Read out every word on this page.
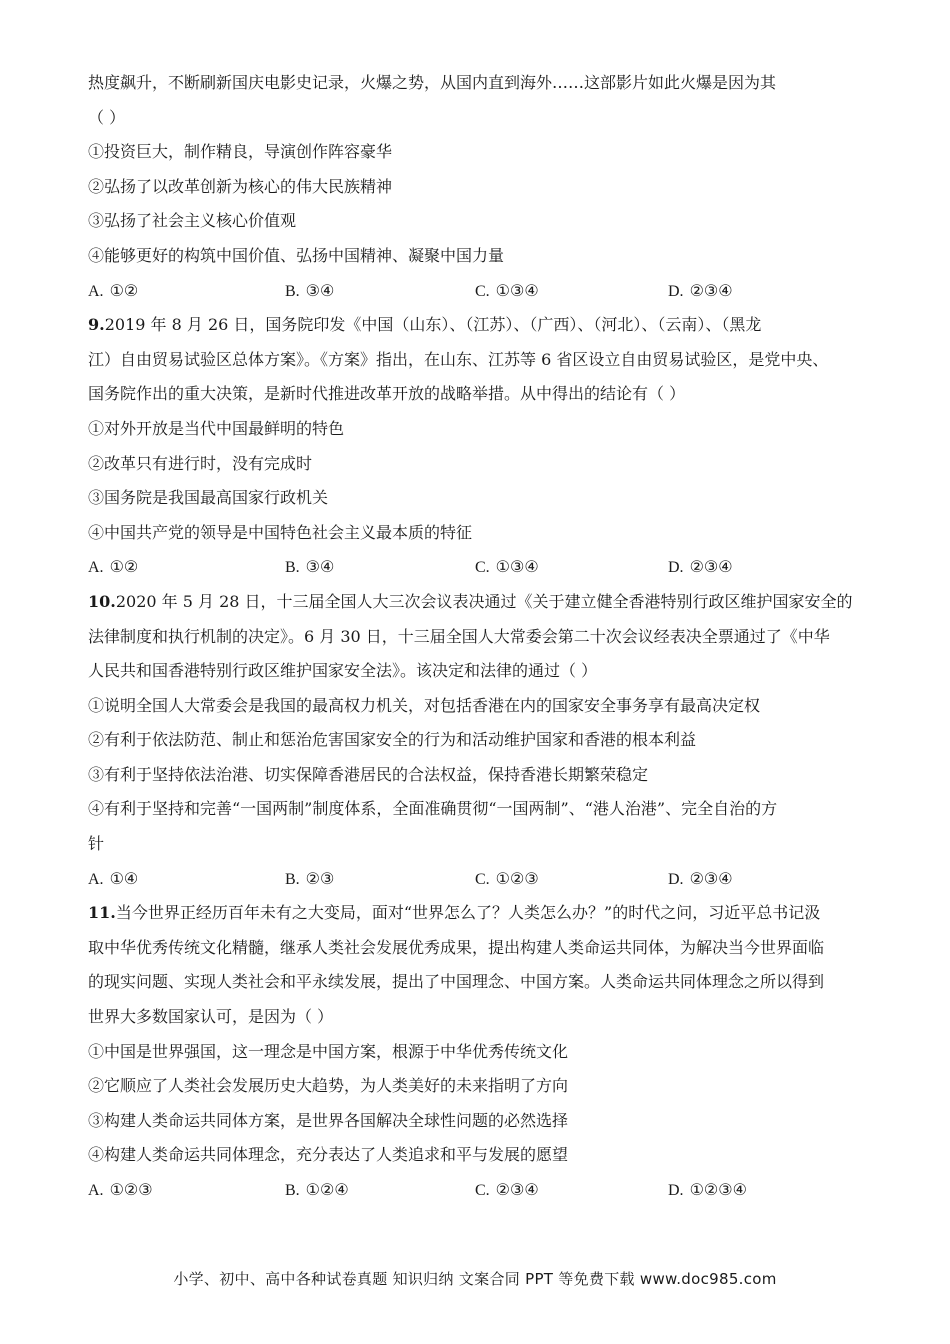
热度飙升，不断刷新国庆电影史记录，火爆之势，从国内直到海外……这部影片如此火爆是因为其
（ ）
①投资巨大，制作精良，导演创作阵容豪华
②弘扬了以改革创新为核心的伟大民族精神
③弘扬了社会主义核心价值观
④能够更好的构筑中国价值、弘扬中国精神、凝聚中国力量
A. ①②	B. ③④	C. ①③④	D. ②③④
9.2019 年 8 月 26 日，国务院印发《中国（山东）、（江苏）、（广西）、（河北）、（云南）、（黑龙
江）自由贸易试验区总体方案》。《方案》指出，在山东、江苏等 6 省区设立自由贸易试验区，是党中央、
国务院作出的重大决策，是新时代推进改革开放的战略举措。从中得出的结论有（ ）
①对外开放是当代中国最鲜明的特色
②改革只有进行时，没有完成时
③国务院是我国最高国家行政机关
④中国共产党的领导是中国特色社会主义最本质的特征
A. ①②	B. ③④	C. ①③④	D. ②③④
10.2020 年 5 月 28 日，十三届全国人大三次会议表决通过《关于建立健全香港特别行政区维护国家安全的
法律制度和执行机制的决定》。6 月 30 日，十三届全国人大常委会第二十次会议经表决全票通过了《中华
人民共和国香港特别行政区维护国家安全法》。该决定和法律的通过（ ）
①说明全国人大常委会是我国的最高权力机关，对包括香港在内的国家安全事务享有最高决定权
②有利于依法防范、制止和惩治危害国家安全的行为和活动维护国家和香港的根本利益
③有利于坚持依法治港、切实保障香港居民的合法权益，保持香港长期繁荣稳定
④有利于坚持和完善“一国两制”制度体系，全面准确贯彻“一国两制”、“港人治港”、完全自治的方
针
A. ①④	B. ②③	C. ①②③	D. ②③④
11.当今世界正经历百年未有之大变局，面对“世界怎么了？人类怎么办？”的时代之问，习近平总书记汲
取中华优秀传统文化精髓，继承人类社会发展优秀成果，提出构建人类命运共同体，为解决当今世界面临
的现实问题、实现人类社会和平永续发展，提出了中国理念、中国方案。人类命运共同体理念之所以得到
世界大多数国家认可，是因为（ ）
①中国是世界强国，这一理念是中国方案，根源于中华优秀传统文化
②它顺应了人类社会发展历史大趋势，为人类美好的未来指明了方向
③构建人类命运共同体方案，是世界各国解决全球性问题的必然选择
④构建人类命运共同体理念，充分表达了人类追求和平与发展的愿望
A. ①②③	B. ①②④	C. ②③④	D. ①②③④
小学、初中、高中各种试卷真题 知识归纳 文案合同 PPT 等免费下载 www.doc985.com
